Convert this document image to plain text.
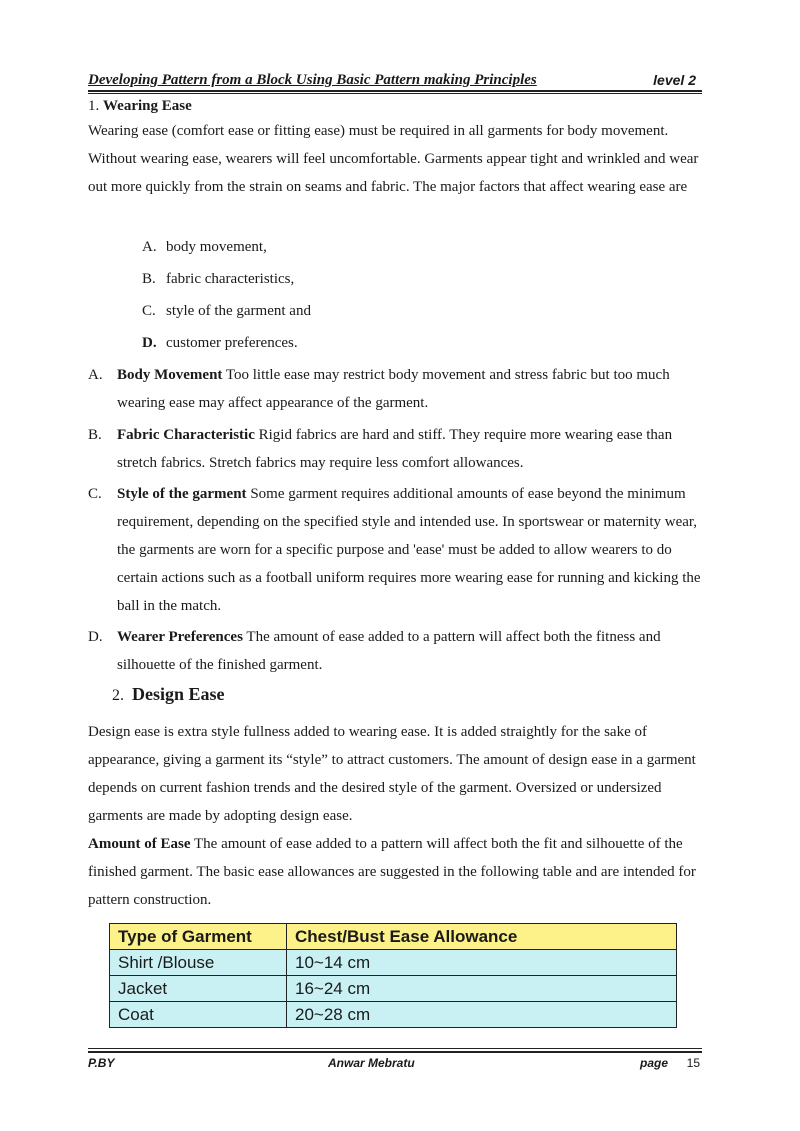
Developing Pattern from a Block Using Basic Pattern making Principles	level 2
1. Wearing Ease

Wearing ease (comfort ease or fitting ease) must be required in all garments for body movement. Without wearing ease, wearers will feel uncomfortable. Garments appear tight and wrinkled and wear out more quickly from the strain on seams and fabric. The major factors that affect wearing ease are

A. body movement,
B. fabric characteristics,
C. style of the garment and
D. customer preferences.
A. Body Movement Too little ease may restrict body movement and stress fabric but too much wearing ease may affect appearance of the garment.

B.	Fabric Characteristic Rigid fabrics are hard and stiff. They require more wearing ease than stretch fabrics. Stretch fabrics may require less comfort allowances.

C.	Style of the garment Some garment requires additional amounts of ease beyond the minimum requirement, depending on the specified style and intended use. In sportswear or maternity wear, the garments are worn for a specific purpose and 'ease' must be added to allow wearers to do certain actions such as a football uniform requires more wearing ease for running and kicking the ball in the match.

D. Wearer Preferences The amount of ease added to a pattern will affect both the fitness and silhouette of the finished garment.

2. Design Ease

Design ease is extra style fullness added to wearing ease. It is added straightly for the sake of appearance, giving a garment its “style” to attract customers. The amount of design ease in a garment depends on current fashion trends and the desired style of the garment. Oversized or undersized garments are made by adopting design ease.

Amount of Ease The amount of ease added to a pattern will affect both the fit and silhouette of the finished garment. The basic ease allowances are suggested in the following table and are intended for pattern construction.

Type of Garment	Chest/Bust Ease Allowance
Shirt /Blouse	10~14 cm
Jacket	16~24 cm
Coat	20~28 cm
P.BY	Anwar Mebratu	page 15
